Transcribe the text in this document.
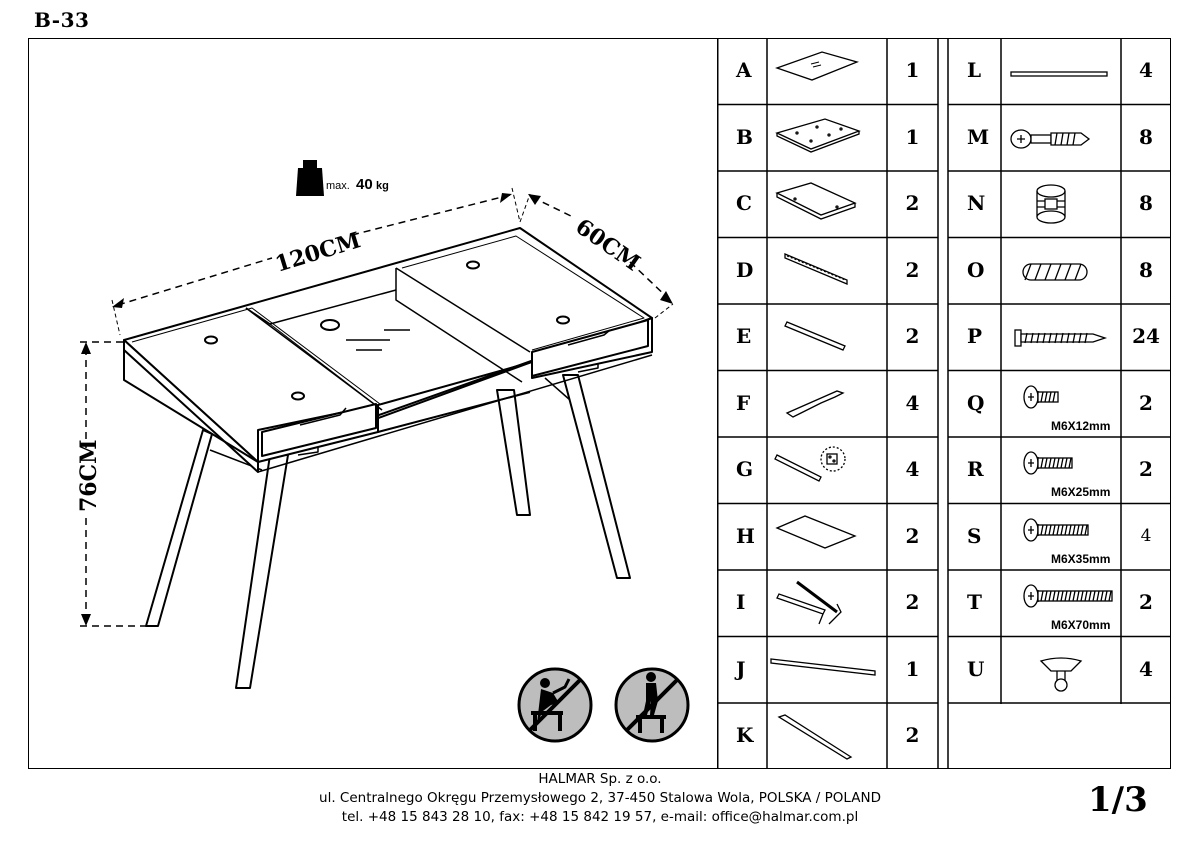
B-33
max. 40 kg
120CM	60CM
76CM
A	1
B	1
C	2
D	2
E	2
F	4
G	4
H	2
I	2
J	1
K	2
L	4
M	8
N	8
O	8
P	24
Q	2
M6X12mm
R	2
M6X25mm
S	4
M6X35mm
T	2
M6X70mm
U	4
HALMAR Sp. z o.o.
ul. Centralnego Okręgu Przemysłowego 2, 37-450 Stalowa Wola, POLSKA / POLAND
tel. +48 15 843 28 10, fax: +48 15 842 19 57, e-mail: office@halmar.com.pl	1/3
